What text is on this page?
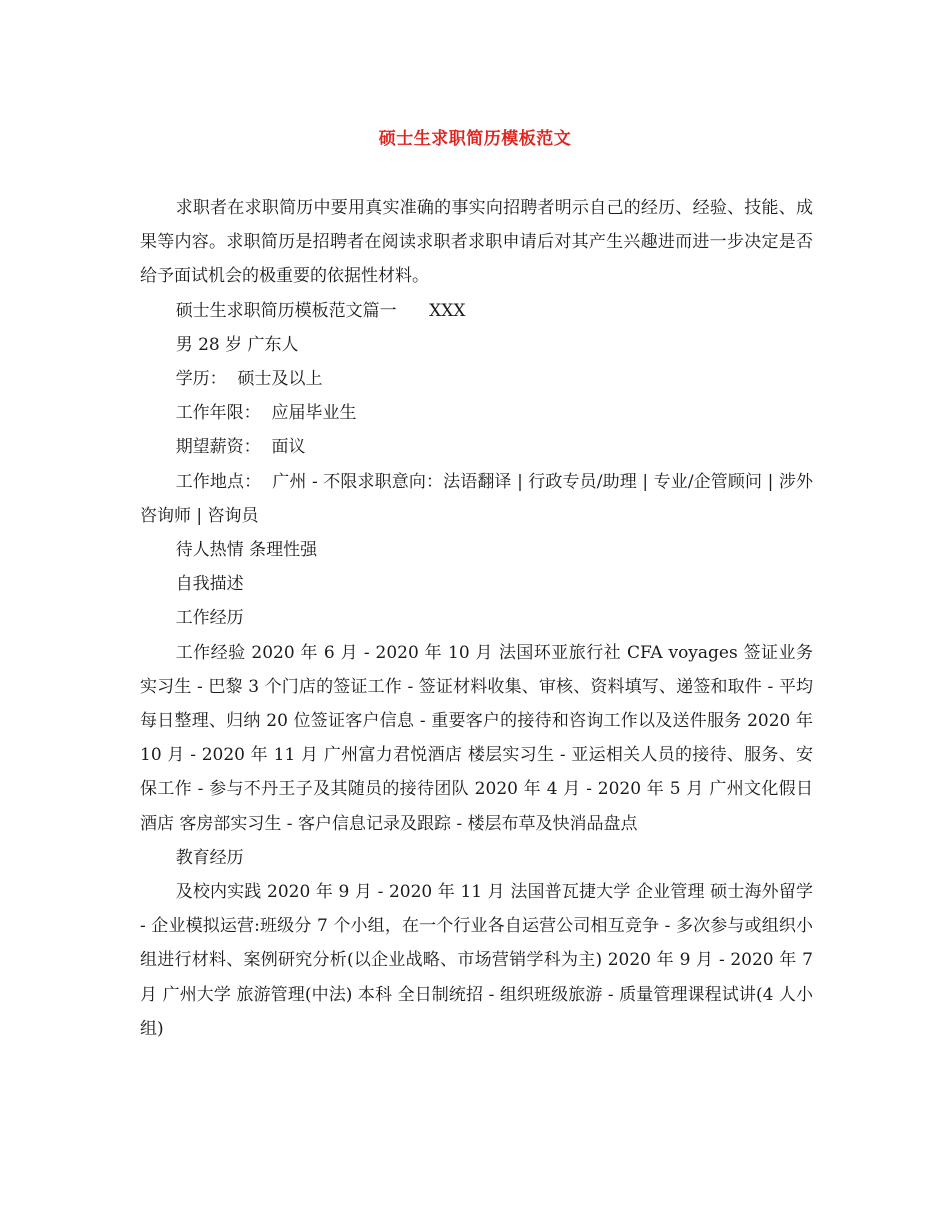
硕士生求职简历模板范文

求职者在求职简历中要用真实准确的事实向招聘者明示自己的经历、经验、技能、成果等内容。求职简历是招聘者在阅读求职者求职申请后对其产生兴趣进而进一步决定是否给予面试机会的极重要的依据性材料。

硕士生求职简历模板范文篇一      XXX

男 28 岁 广东人

学历：  硕士及以上

工作年限：  应届毕业生

期望薪资：  面议

工作地点：  广州 - 不限求职意向：法语翻译 | 行政专员/助理 | 专业/企管顾问 | 涉外咨询师 | 咨询员

待人热情 条理性强

自我描述

工作经历

工作经验 2020 年 6 月 - 2020 年 10 月 法国环亚旅行社 CFA voyages 签证业务实习生 - 巴黎 3 个门店的签证工作 - 签证材料收集、审核、资料填写、递签和取件 - 平均每日整理、归纳 20 位签证客户信息 - 重要客户的接待和咨询工作以及送件服务 2020 年 10 月 - 2020 年 11 月 广州富力君悦酒店 楼层实习生 - 亚运相关人员的接待、服务、安保工作 - 参与不丹王子及其随员的接待团队 2020 年 4 月 - 2020 年 5 月 广州文化假日酒店 客房部实习生 - 客户信息记录及跟踪 - 楼层布草及快消品盘点

教育经历

及校内实践 2020 年 9 月 - 2020 年 11 月 法国普瓦捷大学 企业管理 硕士海外留学 - 企业模拟运营:班级分 7 个小组，在一个行业各自运营公司相互竞争 - 多次参与或组织小组进行材料、案例研究分析(以企业战略、市场营销学科为主) 2020 年 9 月 - 2020 年 7 月 广州大学 旅游管理(中法) 本科 全日制统招 - 组织班级旅游 - 质量管理课程试讲(4 人小组)
